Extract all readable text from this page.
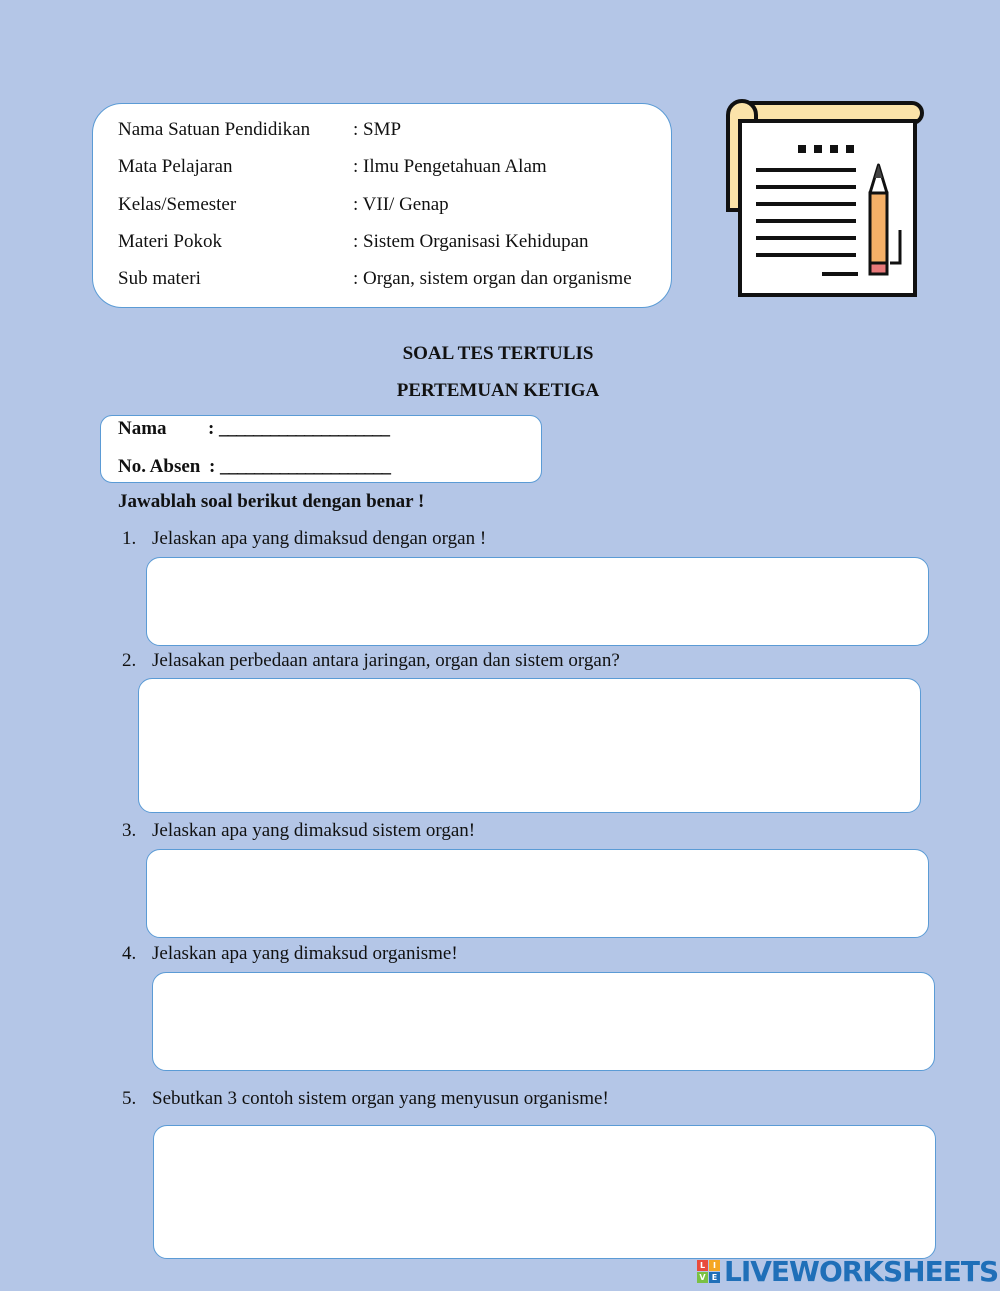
Nama Satuan Pendidikan : SMP
Mata Pelajaran	: Ilmu Pengetahuan Alam
Kelas/Semester	: VII/ Genap
Materi Pokok	: Sistem Organisasi Kehidupan
Sub materi	: Organ, sistem organ dan organisme
SOAL TES TERTULIS
PERTEMUAN KETIGA
Nama : ____________________
No. Absen : ____________________
Jawablah soal berikut dengan benar !
1. Jelaskan apa yang dimaksud dengan organ !
2. Jelasakan perbedaan antara jaringan, organ dan sistem organ?
3. Jelaskan apa yang dimaksud sistem organ!
4. Jelaskan apa yang dimaksud organisme!
5. Sebutkan 3 contoh sistem organ yang menyusun organisme!
L I
V E LIVEWORKSHEETS
